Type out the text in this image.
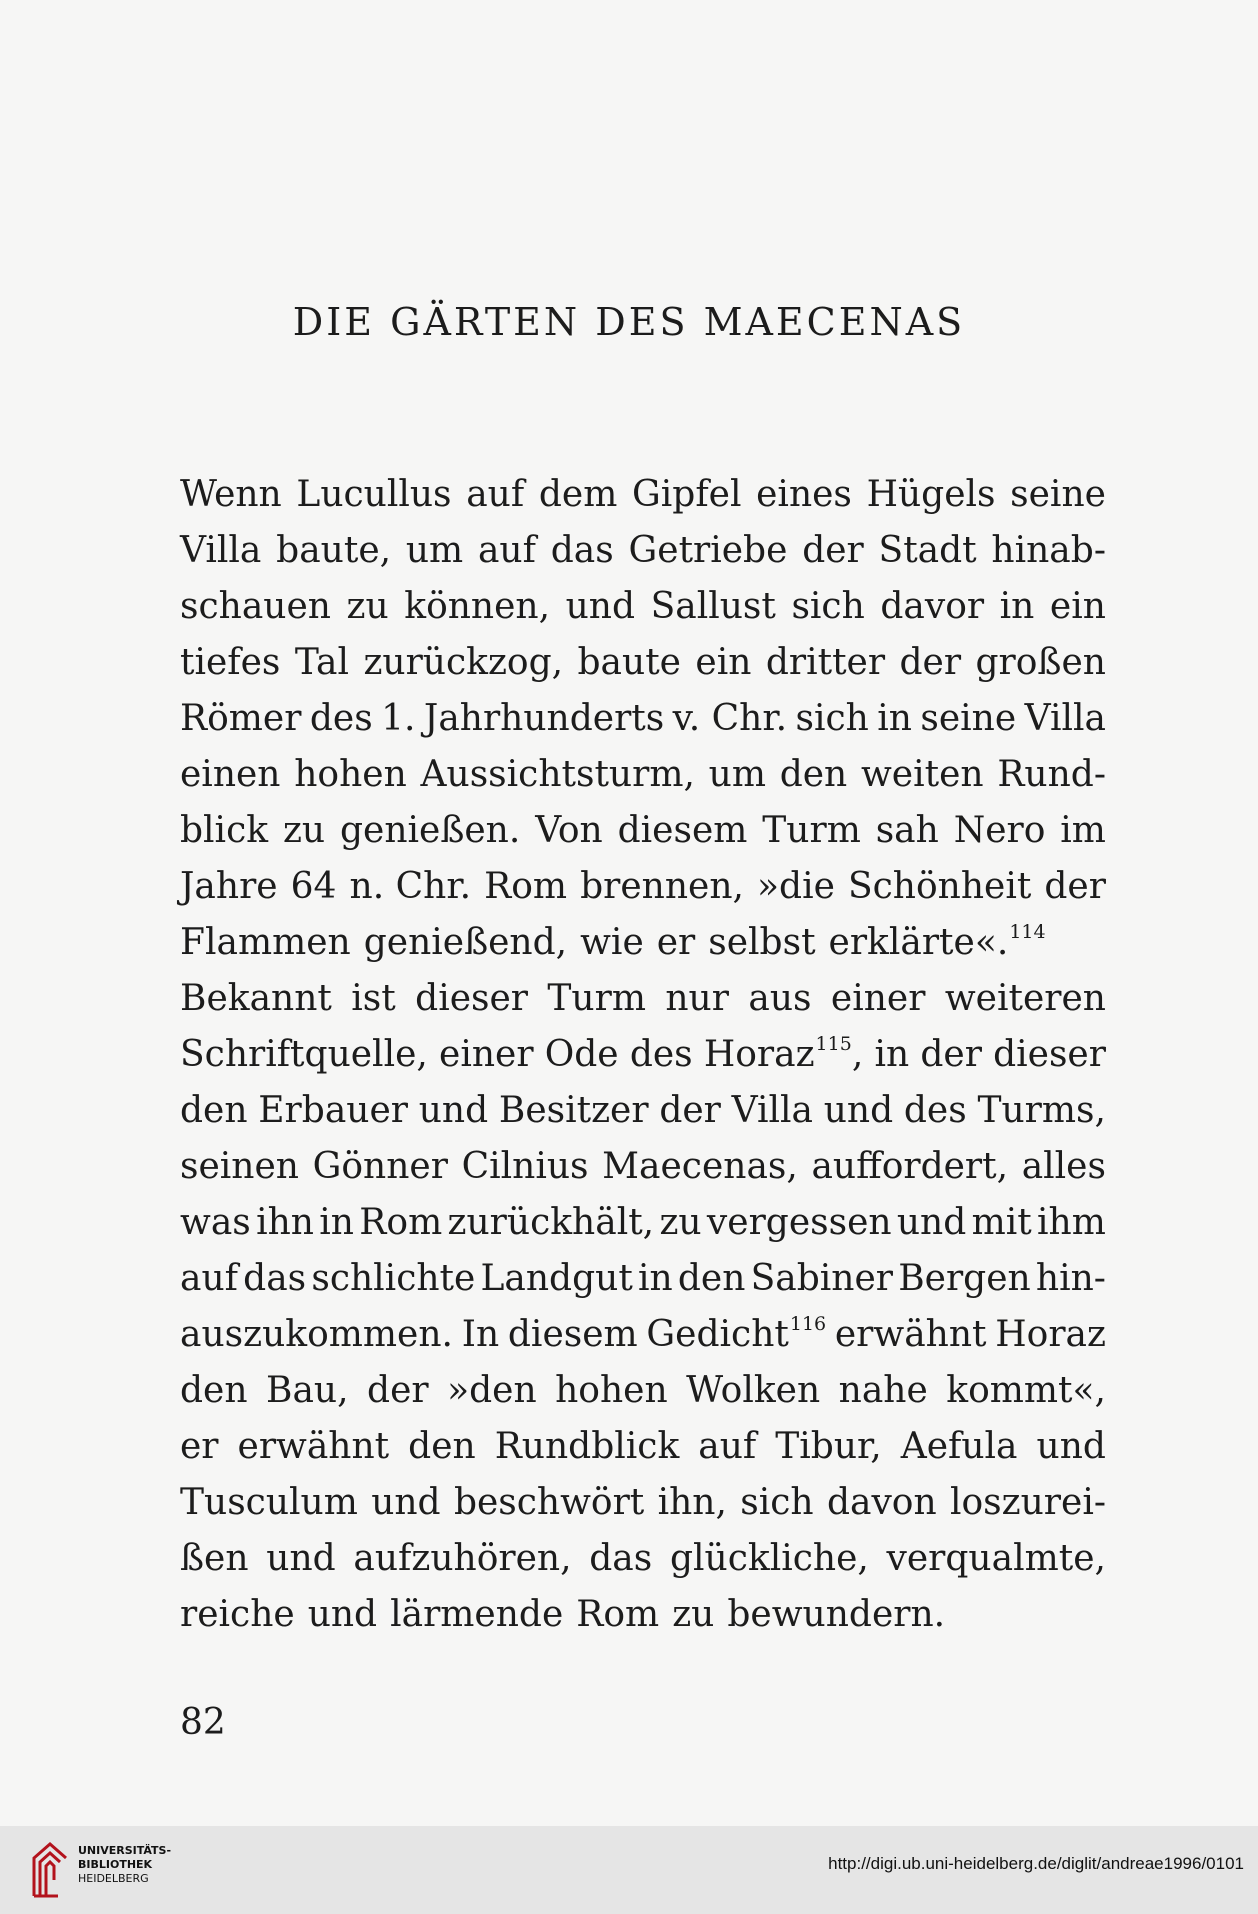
DIE GÄRTEN DES MAECENAS
Wenn Lucullus auf dem Gipfel eines Hügels seine
Villa baute, um auf das Getriebe der Stadt hinab-
schauen zu können, und Sallust sich davor in ein
tiefes Tal zurückzog, baute ein dritter der großen
Römer des 1. Jahrhunderts v. Chr. sich in seine Villa
einen hohen Aussichtsturm, um den weiten Rund-
blick zu genießen. Von diesem Turm sah Nero im
Jahre 64 n. Chr. Rom brennen, »die Schönheit der
Flammen genießend, wie er selbst erklärte«.$^{114}$
Bekannt ist dieser Turm nur aus einer weiteren
Schriftquelle, einer Ode des Horaz$^{115}$, in der dieser
den Erbauer und Besitzer der Villa und des Turms,
seinen Gönner Cilnius Maecenas, auffordert, alles
was ihn in Rom zurückhält, zu vergessen und mit ihm
auf das schlichte Landgut in den Sabiner Bergen hin-
auszukommen. In diesem Gedicht$^{116}$ erwähnt Horaz
den Bau, der »den hohen Wolken nahe kommt«,
er erwähnt den Rundblick auf Tibur, Aefula und
Tusculum und beschwört ihn, sich davon loszurei-
ßen und aufzuhören, das glückliche, verqualmte,
reiche und lärmende Rom zu bewundern.
82
UNIVERSITÄTS-
BIBLIOTHEK
HEIDELBERG
http://digi.ub.uni-heidelberg.de/diglit/andreae1996/0101
